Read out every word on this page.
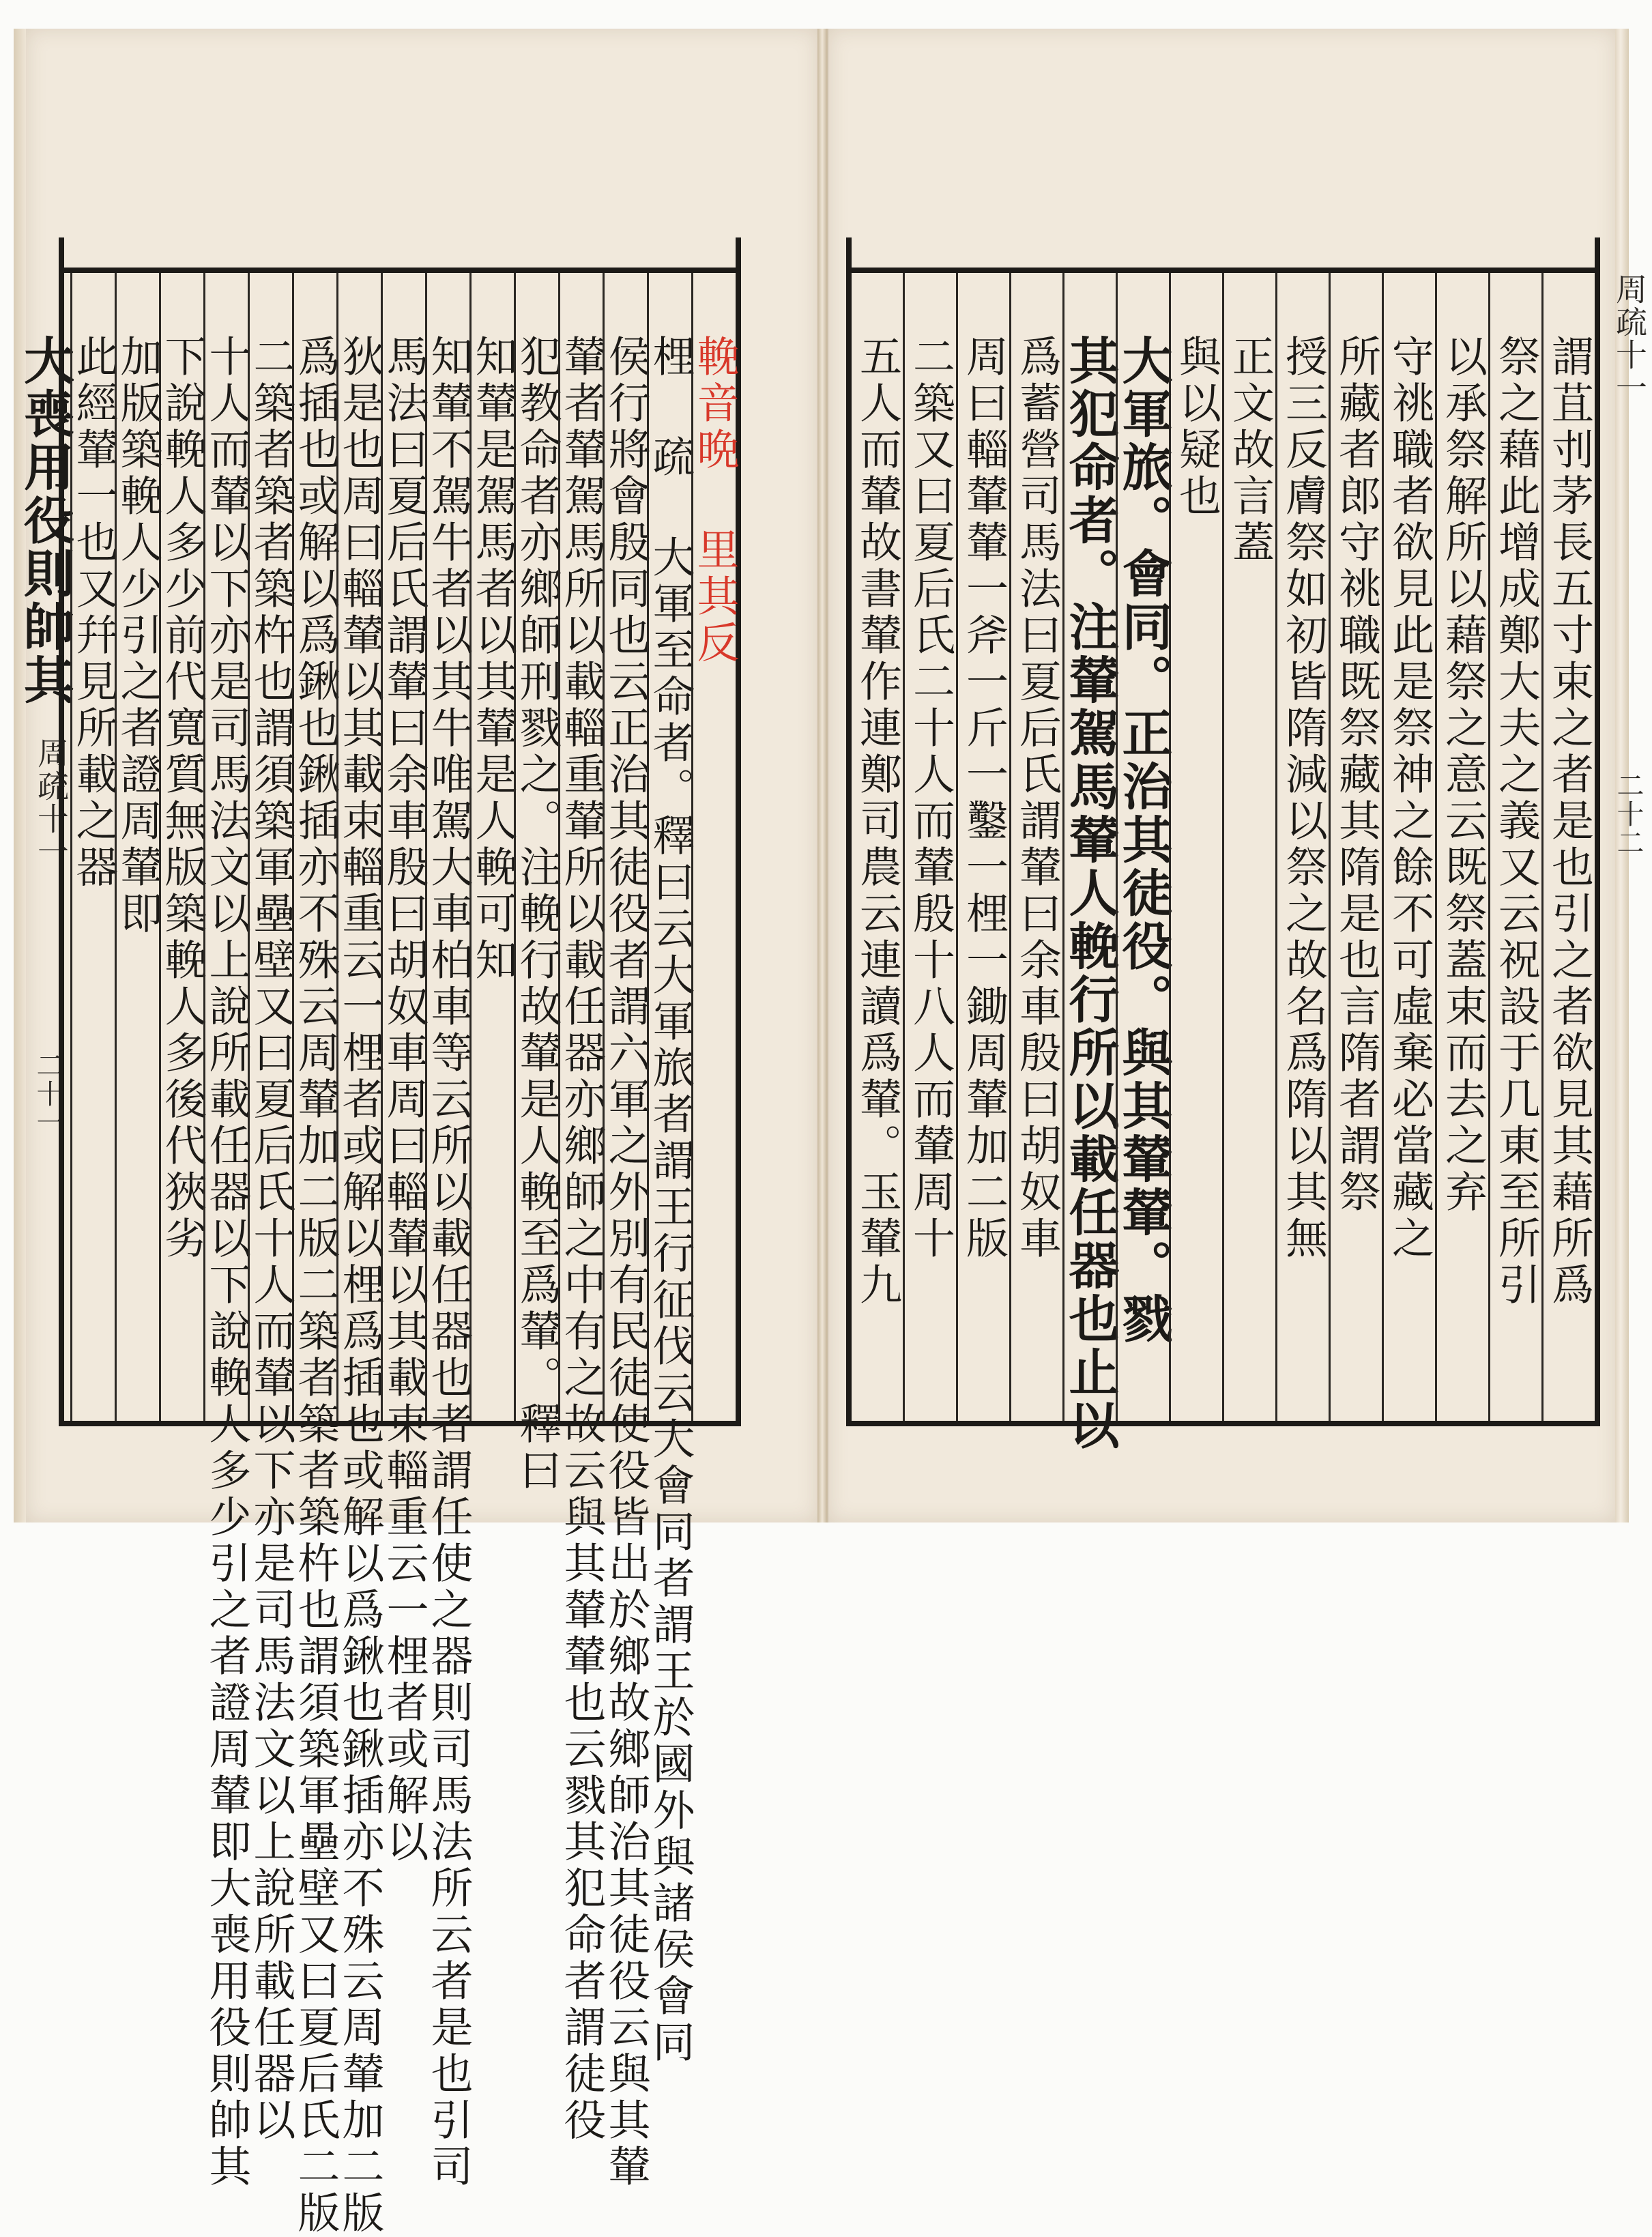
周疏十一
二十一
周疏十一
二十二
輓音晩 里其反
梩 疏 大軍至命者。釋曰云大軍旅者謂王行征伐云大會同者謂王於國外與諸侯會同
侯行將會殷同也云正治其徒役者謂六軍之外別有民徒使役皆出於鄉故鄉師治其徒役云與其輦
輦者輦駕馬所以載輜重輦所以載任器亦鄉師之中有之故云與其輦輦也云戮其犯命者謂徒役
犯教命者亦鄉師刑戮之。注輓行故輦是人輓至爲輦。釋曰
知輦是駕馬者以其輦是人輓可知
知輦不駕牛者以其牛唯駕大車柏車等云所以載任器也者謂任使之器則司馬法所云者是也引司
馬法曰夏后氏謂輦曰余車殷曰胡奴車周曰輜輦以其載束輜重云一梩者或解以
狄是也周曰輜輦以其載束輜重云一梩者或解以梩爲插也或解以爲鍬也鍬插亦不殊云周輦加二版
爲插也或解以爲鍬也鍬插亦不殊云周輦加二版二築者築者築杵也謂須築軍壘壁又曰夏后氏二版
二築者築者築杵也謂須築軍壘壁又曰夏后氏十人而輦以下亦是司馬法文以上說所載任器以
十人而輦以下亦是司馬法文以上說所載任器以下說輓人多少引之者證周輦即大喪用役則帥其
下說輓人多少前代寬質無版築輓人多後代狹劣
加版築輓人少引之者證周輦即
此經輦一也又幷見所載之器
大喪用役則帥其	謂苴刌茅長五寸束之者是也引之者欲見其藉所爲
祭之藉此增成鄭大夫之義又云祝設于几東至所引
以承祭解所以藉祭之意云既祭蓋束而去之弃
守祧職者欲見此是祭神之餘不可虛棄必當藏之
所藏者郎守祧職既祭藏其隋是也言隋者謂祭
授三反膚祭如初皆隋減以祭之故名爲隋以其無
正文故言蓋
與以疑也
大軍旅。會同。正治其徒役。與其輦輦。戮
其犯命者。注輦駕馬輦人輓行所以載任器也止以
爲蓄營司馬法曰夏后氏謂輦曰余車殷曰胡奴車
周曰輜輦輦一斧一斤一鑿一梩一鋤周輦加二版
二築又曰夏后氏二十人而輦殷十八人而輦周十
五人而輦故書輦作連鄭司農云連讀爲輦。玉輦九
